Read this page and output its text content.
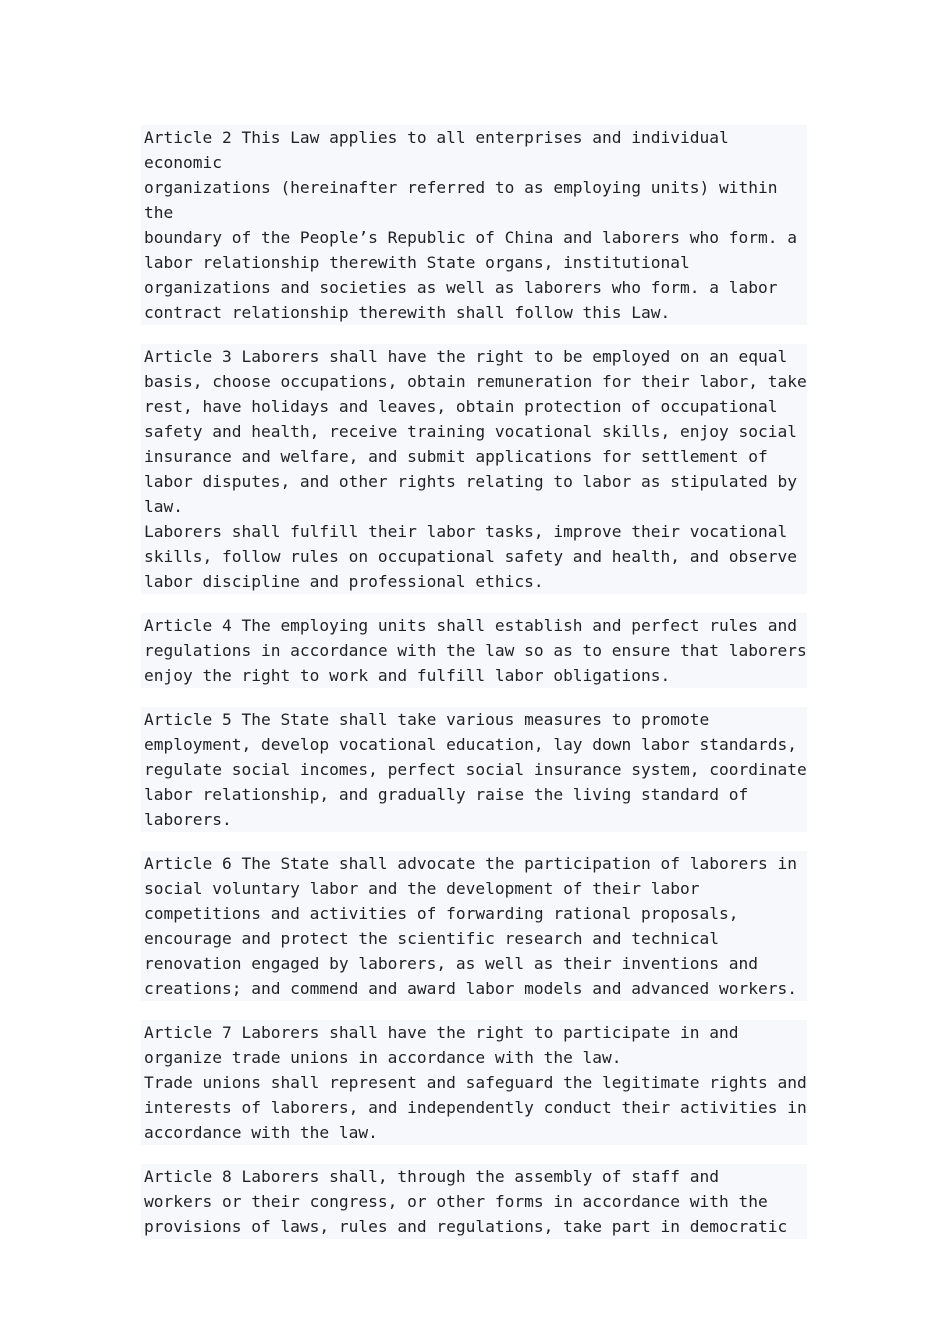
Article 2 This Law applies to all enterprises and individual economic
organizations (hereinafter referred to as employing units) within the
boundary of the People’s Republic of China and laborers who form. a
labor relationship therewith State organs, institutional
organizations and societies as well as laborers who form. a labor
contract relationship therewith shall follow this Law.

Article 3 Laborers shall have the right to be employed on an equal
basis, choose occupations, obtain remuneration for their labor, take
rest, have holidays and leaves, obtain protection of occupational
safety and health, receive training vocational skills, enjoy social
insurance and welfare, and submit applications for settlement of
labor disputes, and other rights relating to labor as stipulated by
law.

Laborers shall fulfill their labor tasks, improve their vocational
skills, follow rules on occupational safety and health, and observe
labor discipline and professional ethics.

Article 4 The employing units shall establish and perfect rules and
regulations in accordance with the law so as to ensure that laborers
enjoy the right to work and fulfill labor obligations.

Article 5 The State shall take various measures to promote
employment, develop vocational education, lay down labor standards,
regulate social incomes, perfect social insurance system, coordinate
labor relationship, and gradually raise the living standard of
laborers.

Article 6 The State shall advocate the participation of laborers in
social voluntary labor and the development of their labor
competitions and activities of forwarding rational proposals,
encourage and protect the scientific research and technical
renovation engaged by laborers, as well as their inventions and
creations; and commend and award labor models and advanced workers.

Article 7 Laborers shall have the right to participate in and
organize trade unions in accordance with the law.

Trade unions shall represent and safeguard the legitimate rights and
interests of laborers, and independently conduct their activities in
accordance with the law.

Article 8 Laborers shall, through the assembly of staff and
workers or their congress, or other forms in accordance with the
provisions of laws, rules and regulations, take part in democratic
